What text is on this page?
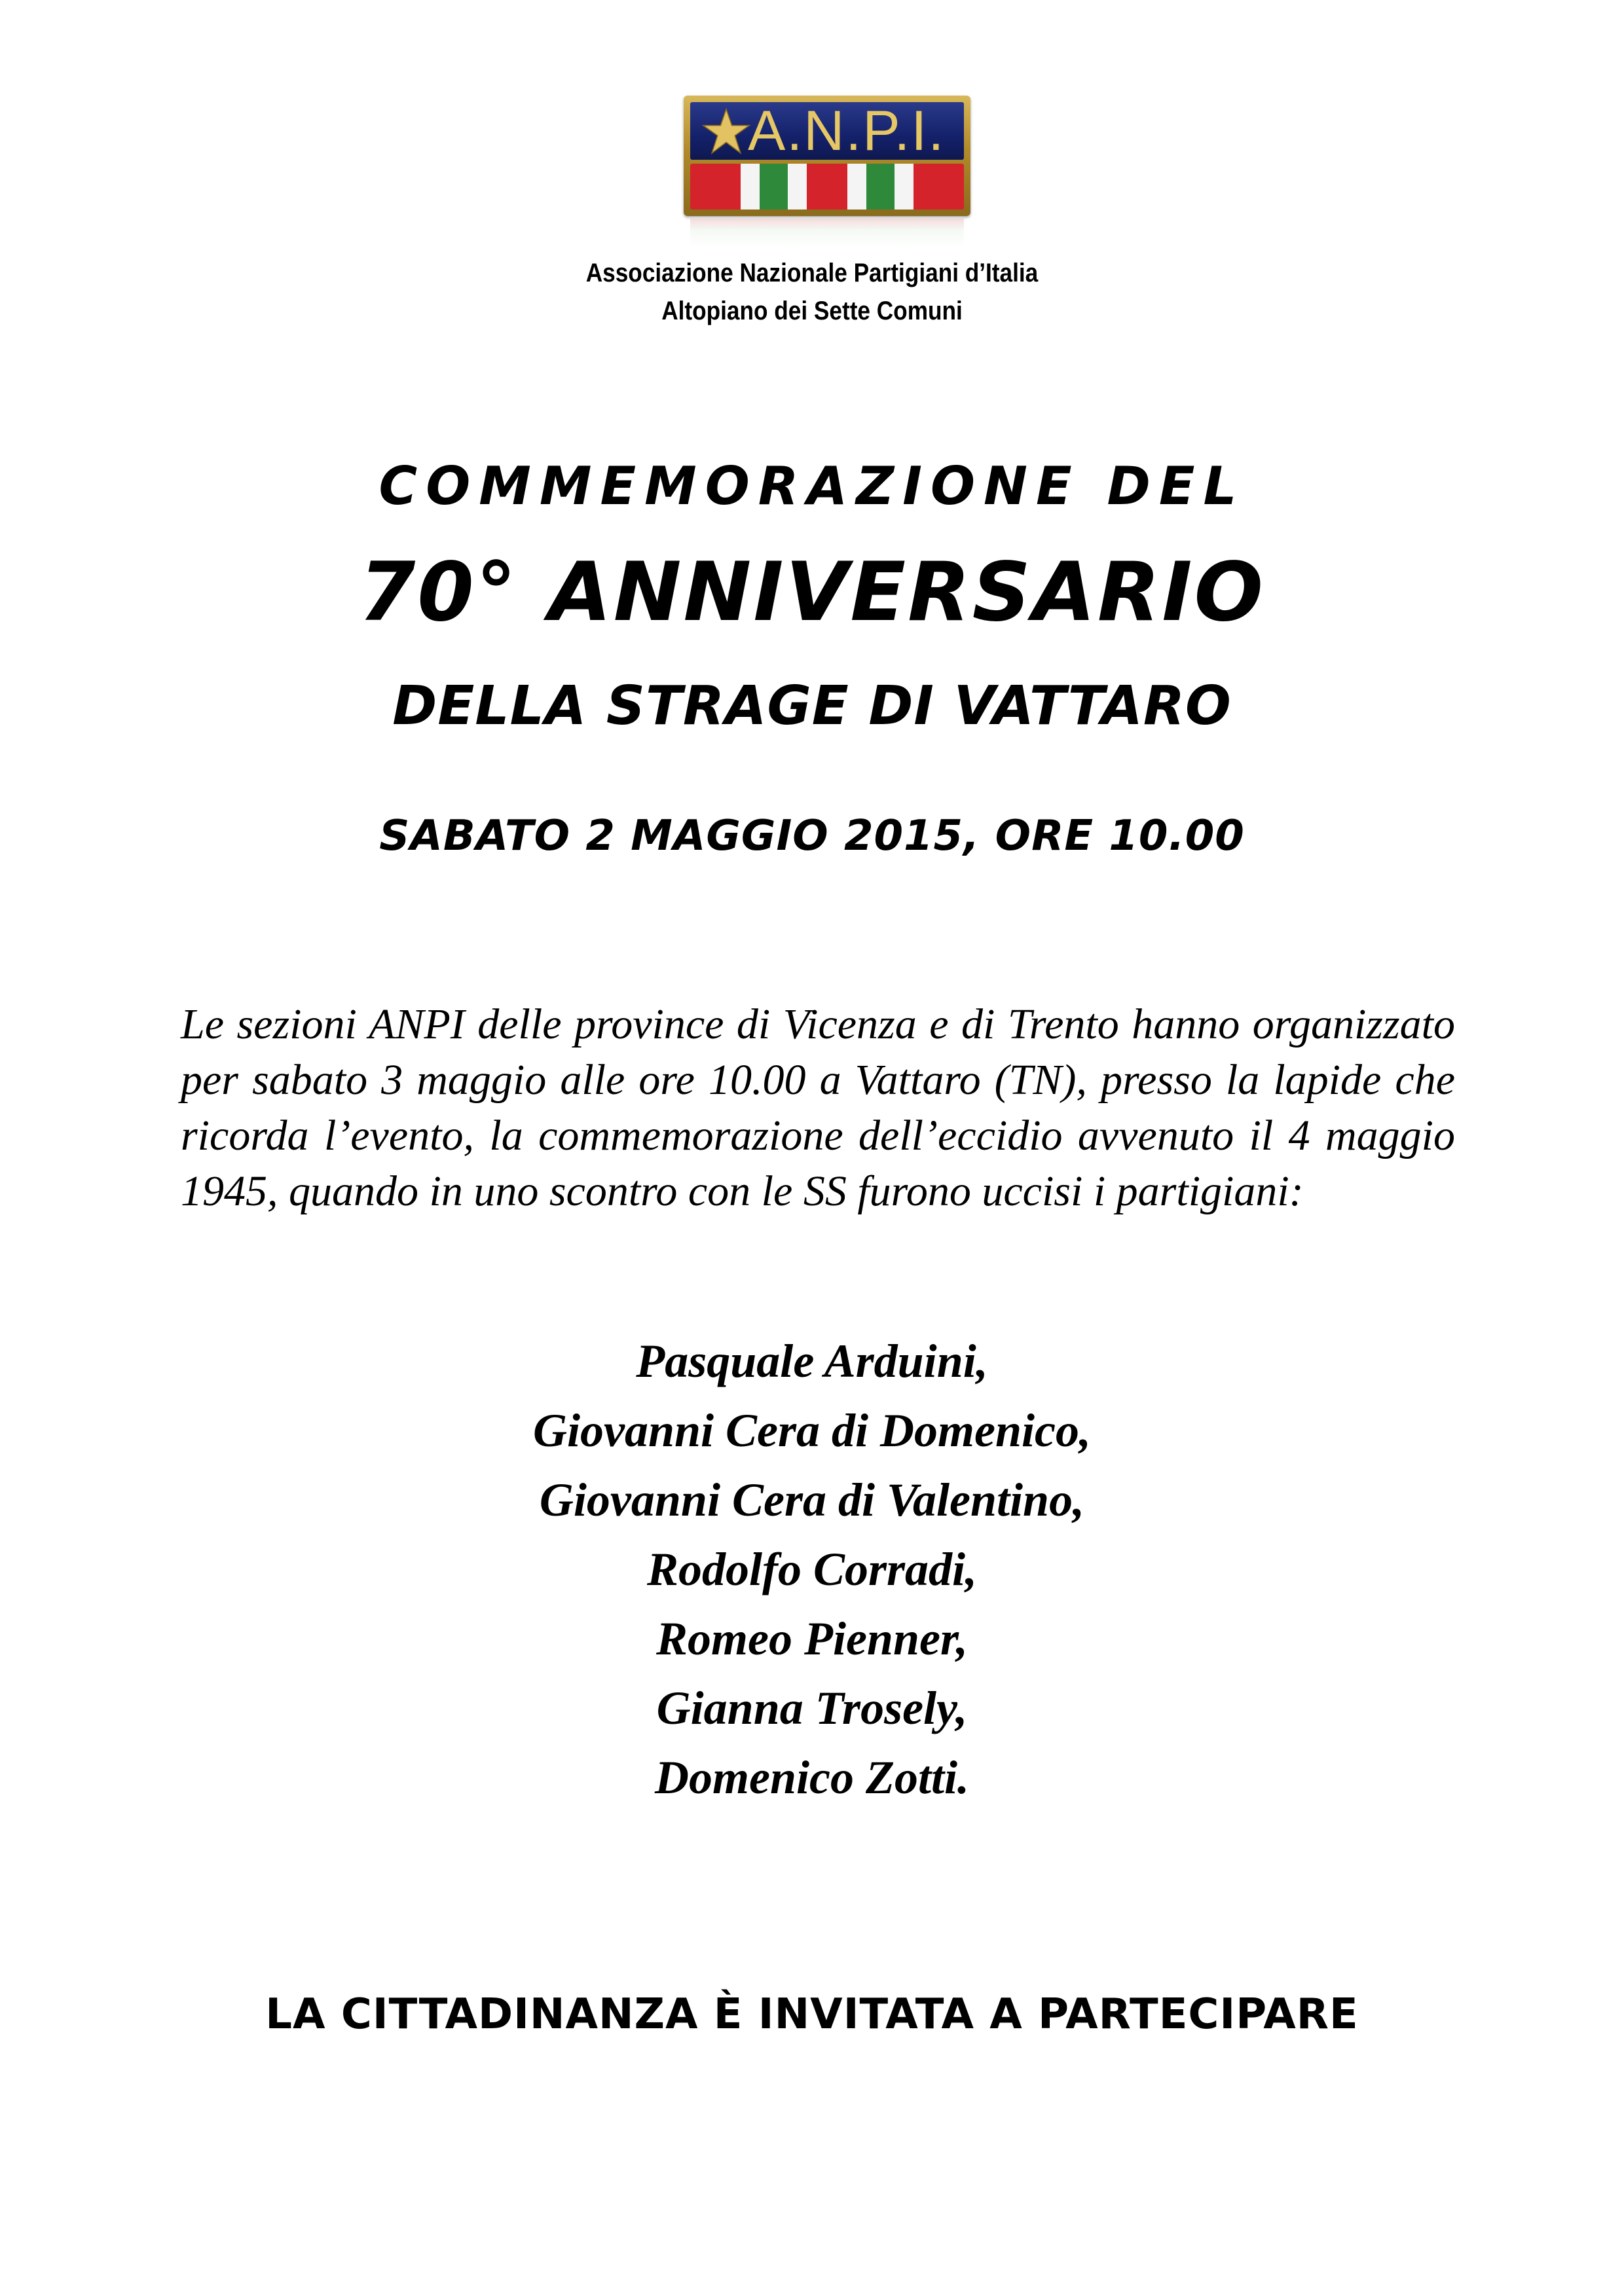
A.N.P.I.
Associazione Nazionale Partigiani d’Italia
Altopiano dei Sette Comuni
COMMEMORAZIONE DEL
70° ANNIVERSARIO
DELLA STRAGE DI VATTARO
SABATO 2 MAGGIO 2015, ORE 10.00
Le sezioni ANPI delle province di Vicenza e di Trento hanno organizzato per sabato 3 maggio alle ore 10.00 a Vattaro (TN), presso la lapide che ricorda l’evento, la commemorazione dell’eccidio avvenuto il 4 maggio 1945, quando in uno scontro con le SS furono uccisi i partigiani:
Pasquale Arduini,
Giovanni Cera di Domenico,
Giovanni Cera di Valentino,
Rodolfo Corradi,
Romeo Pienner,
Gianna Trosely,
Domenico Zotti.
LA CITTADINANZA È INVITATA A PARTECIPARE
